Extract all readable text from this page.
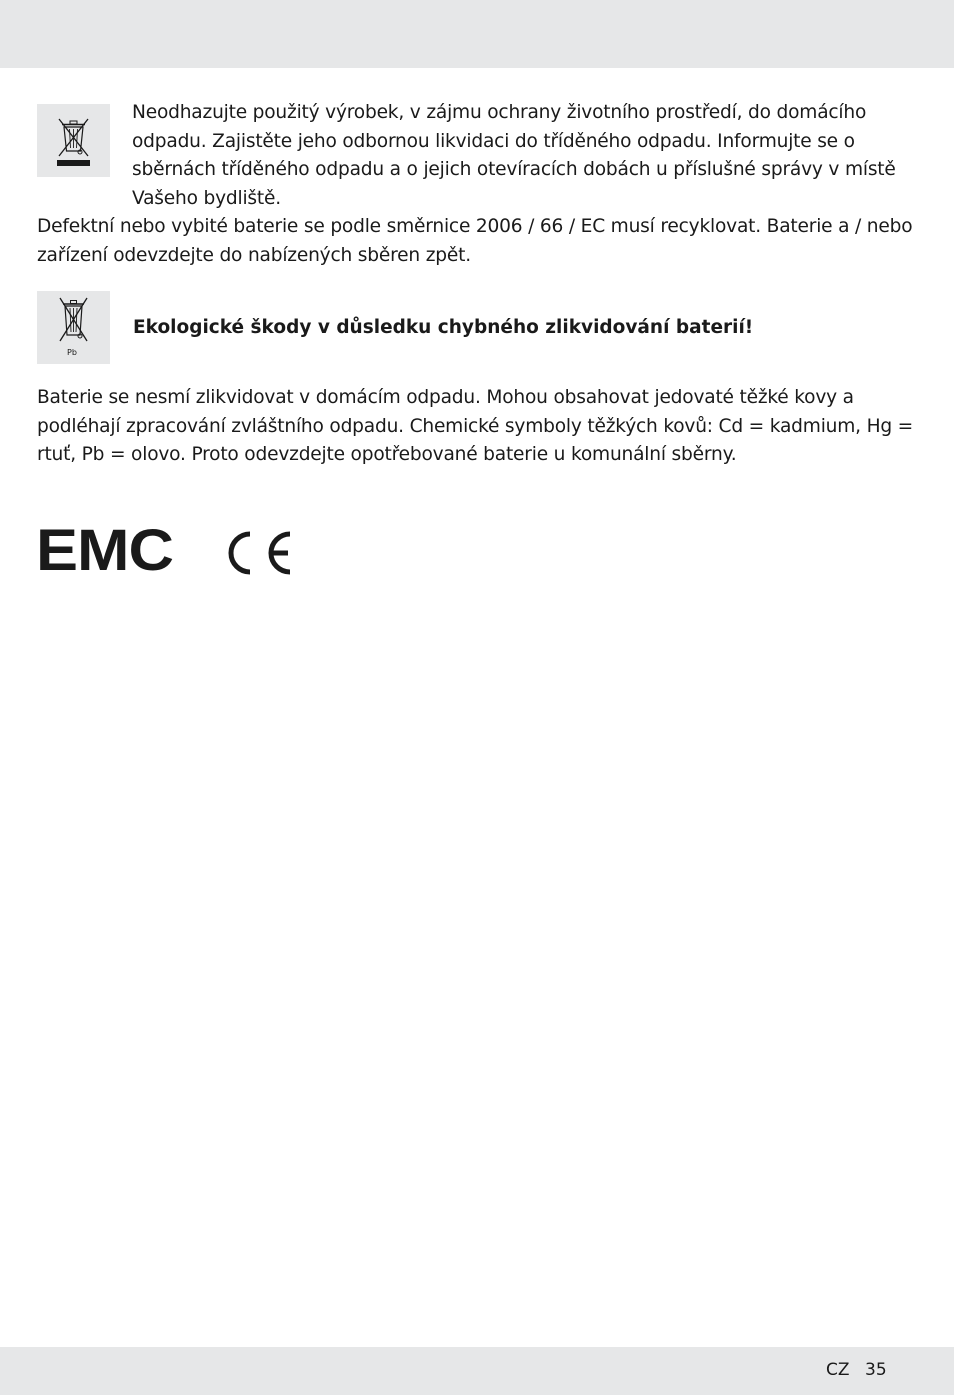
Neodhazujte použitý výrobek, v zájmu ochrany životního prostředí, do domácího odpadu. Zajistěte jeho odbornou likvidaci do tříděného odpadu. Informujte se o sběrnách tříděného odpadu a o jejich otevíracích dobách u příslušné správy v místě Vašeho bydliště.

Defektní nebo vybité baterie se podle směrnice 2006 / 66 / EC musí recyklovat. Baterie a / nebo zařízení odevzdejte do nabízených sběren zpět.

Pb
Ekologické škody v důsledku chybného zlikvidování baterií!

Baterie se nesmí zlikvidovat v domácím odpadu. Mohou obsahovat jedovaté těžké kovy a podléhají zpracování zvláštního odpadu. Chemické symboly těžkých kovů: Cd = kadmium, Hg = rtuť, Pb = olovo. Proto odevzdejte opotřebované baterie u komunální sběrny.

EMC
CZ 35
